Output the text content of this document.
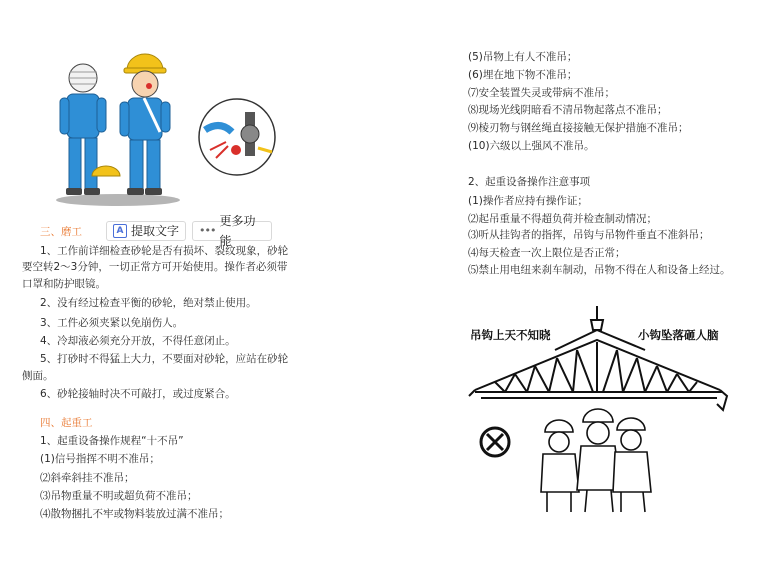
A 提取文字 •••
更多功能
三、磨工
1、工作前详细检查砂轮是否有损坏、裂纹现象，砂轮
要空转2～3分钟，一切正常方可开始使用。操作者必须带
口罩和防护眼镜。
2、没有经过检查平衡的砂轮，绝对禁止使用。
3、工件必须夹紧以免崩伤人。
4、冷却液必须充分开放，不得任意闭止。
5、打砂时不得猛上大力，不要面对砂轮，应站在砂轮
侧面。
6、砂轮接轴时决不可敲打，或过度紧合。
四、起重工
1、起重设备操作规程“十不吊”
(1)信号指挥不明不准吊；
⑵斜牵斜挂不准吊；
⑶吊物重量不明或超负荷不准吊；
⑷散物捆扎不牢或物料装放过满不准吊；
(5)吊物上有人不准吊；
(6)埋在地下物不准吊；
⑺安全装置失灵或带病不准吊；
⑻现场光线阴暗看不清吊物起落点不准吊；
⑼棱刃物与钢丝绳直接接触无保护措施不准吊；
(10)六级以上强风不准吊。
2、起重设备操作注意事项
(1)操作者应持有操作证；
⑵起吊重量不得超负荷并检查制动情况；
⑶听从挂钩者的指挥，吊钩与吊物件垂直不准斜吊；
⑷每天检查一次上限位是否正常；
⑸禁止用电纽来刹车制动，吊物不得在人和设备上经过。
吊钩上天不知晓	小钩坠落砸人脑
